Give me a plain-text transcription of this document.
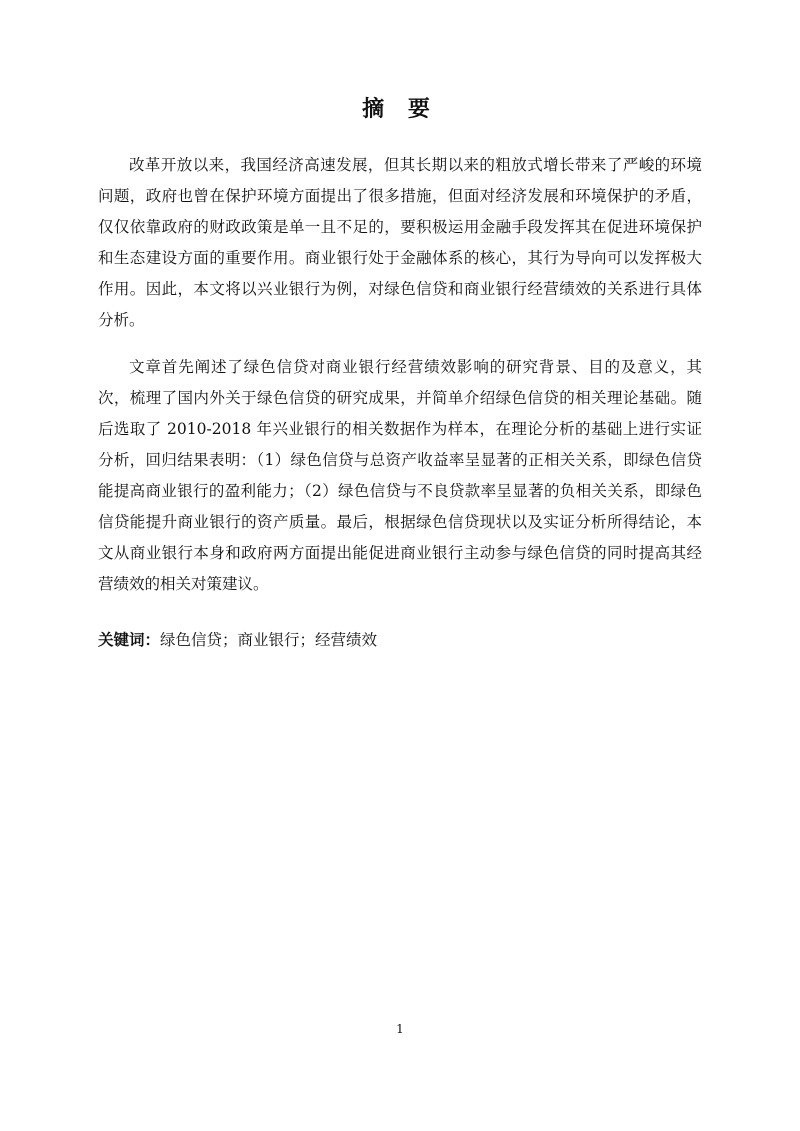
摘 要

改革开放以来，我国经济高速发展，但其长期以来的粗放式增长带来了严峻的环境问题，政府也曾在保护环境方面提出了很多措施，但面对经济发展和环境保护的矛盾，仅仅依靠政府的财政政策是单一且不足的，要积极运用金融手段发挥其在促进环境保护和生态建设方面的重要作用。商业银行处于金融体系的核心，其行为导向可以发挥极大作用。因此，本文将以兴业银行为例，对绿色信贷和商业银行经营绩效的关系进行具体分析。

文章首先阐述了绿色信贷对商业银行经营绩效影响的研究背景、目的及意义，其次，梳理了国内外关于绿色信贷的研究成果，并简单介绍绿色信贷的相关理论基础。随后选取了 2010-2018 年兴业银行的相关数据作为样本，在理论分析的基础上进行实证分析，回归结果表明：（1）绿色信贷与总资产收益率呈显著的正相关关系，即绿色信贷能提高商业银行的盈利能力；（2）绿色信贷与不良贷款率呈显著的负相关关系，即绿色信贷能提升商业银行的资产质量。最后，根据绿色信贷现状以及实证分析所得结论，本文从商业银行本身和政府两方面提出能促进商业银行主动参与绿色信贷的同时提高其经营绩效的相关对策建议。

关键词：绿色信贷；商业银行；经营绩效
1
